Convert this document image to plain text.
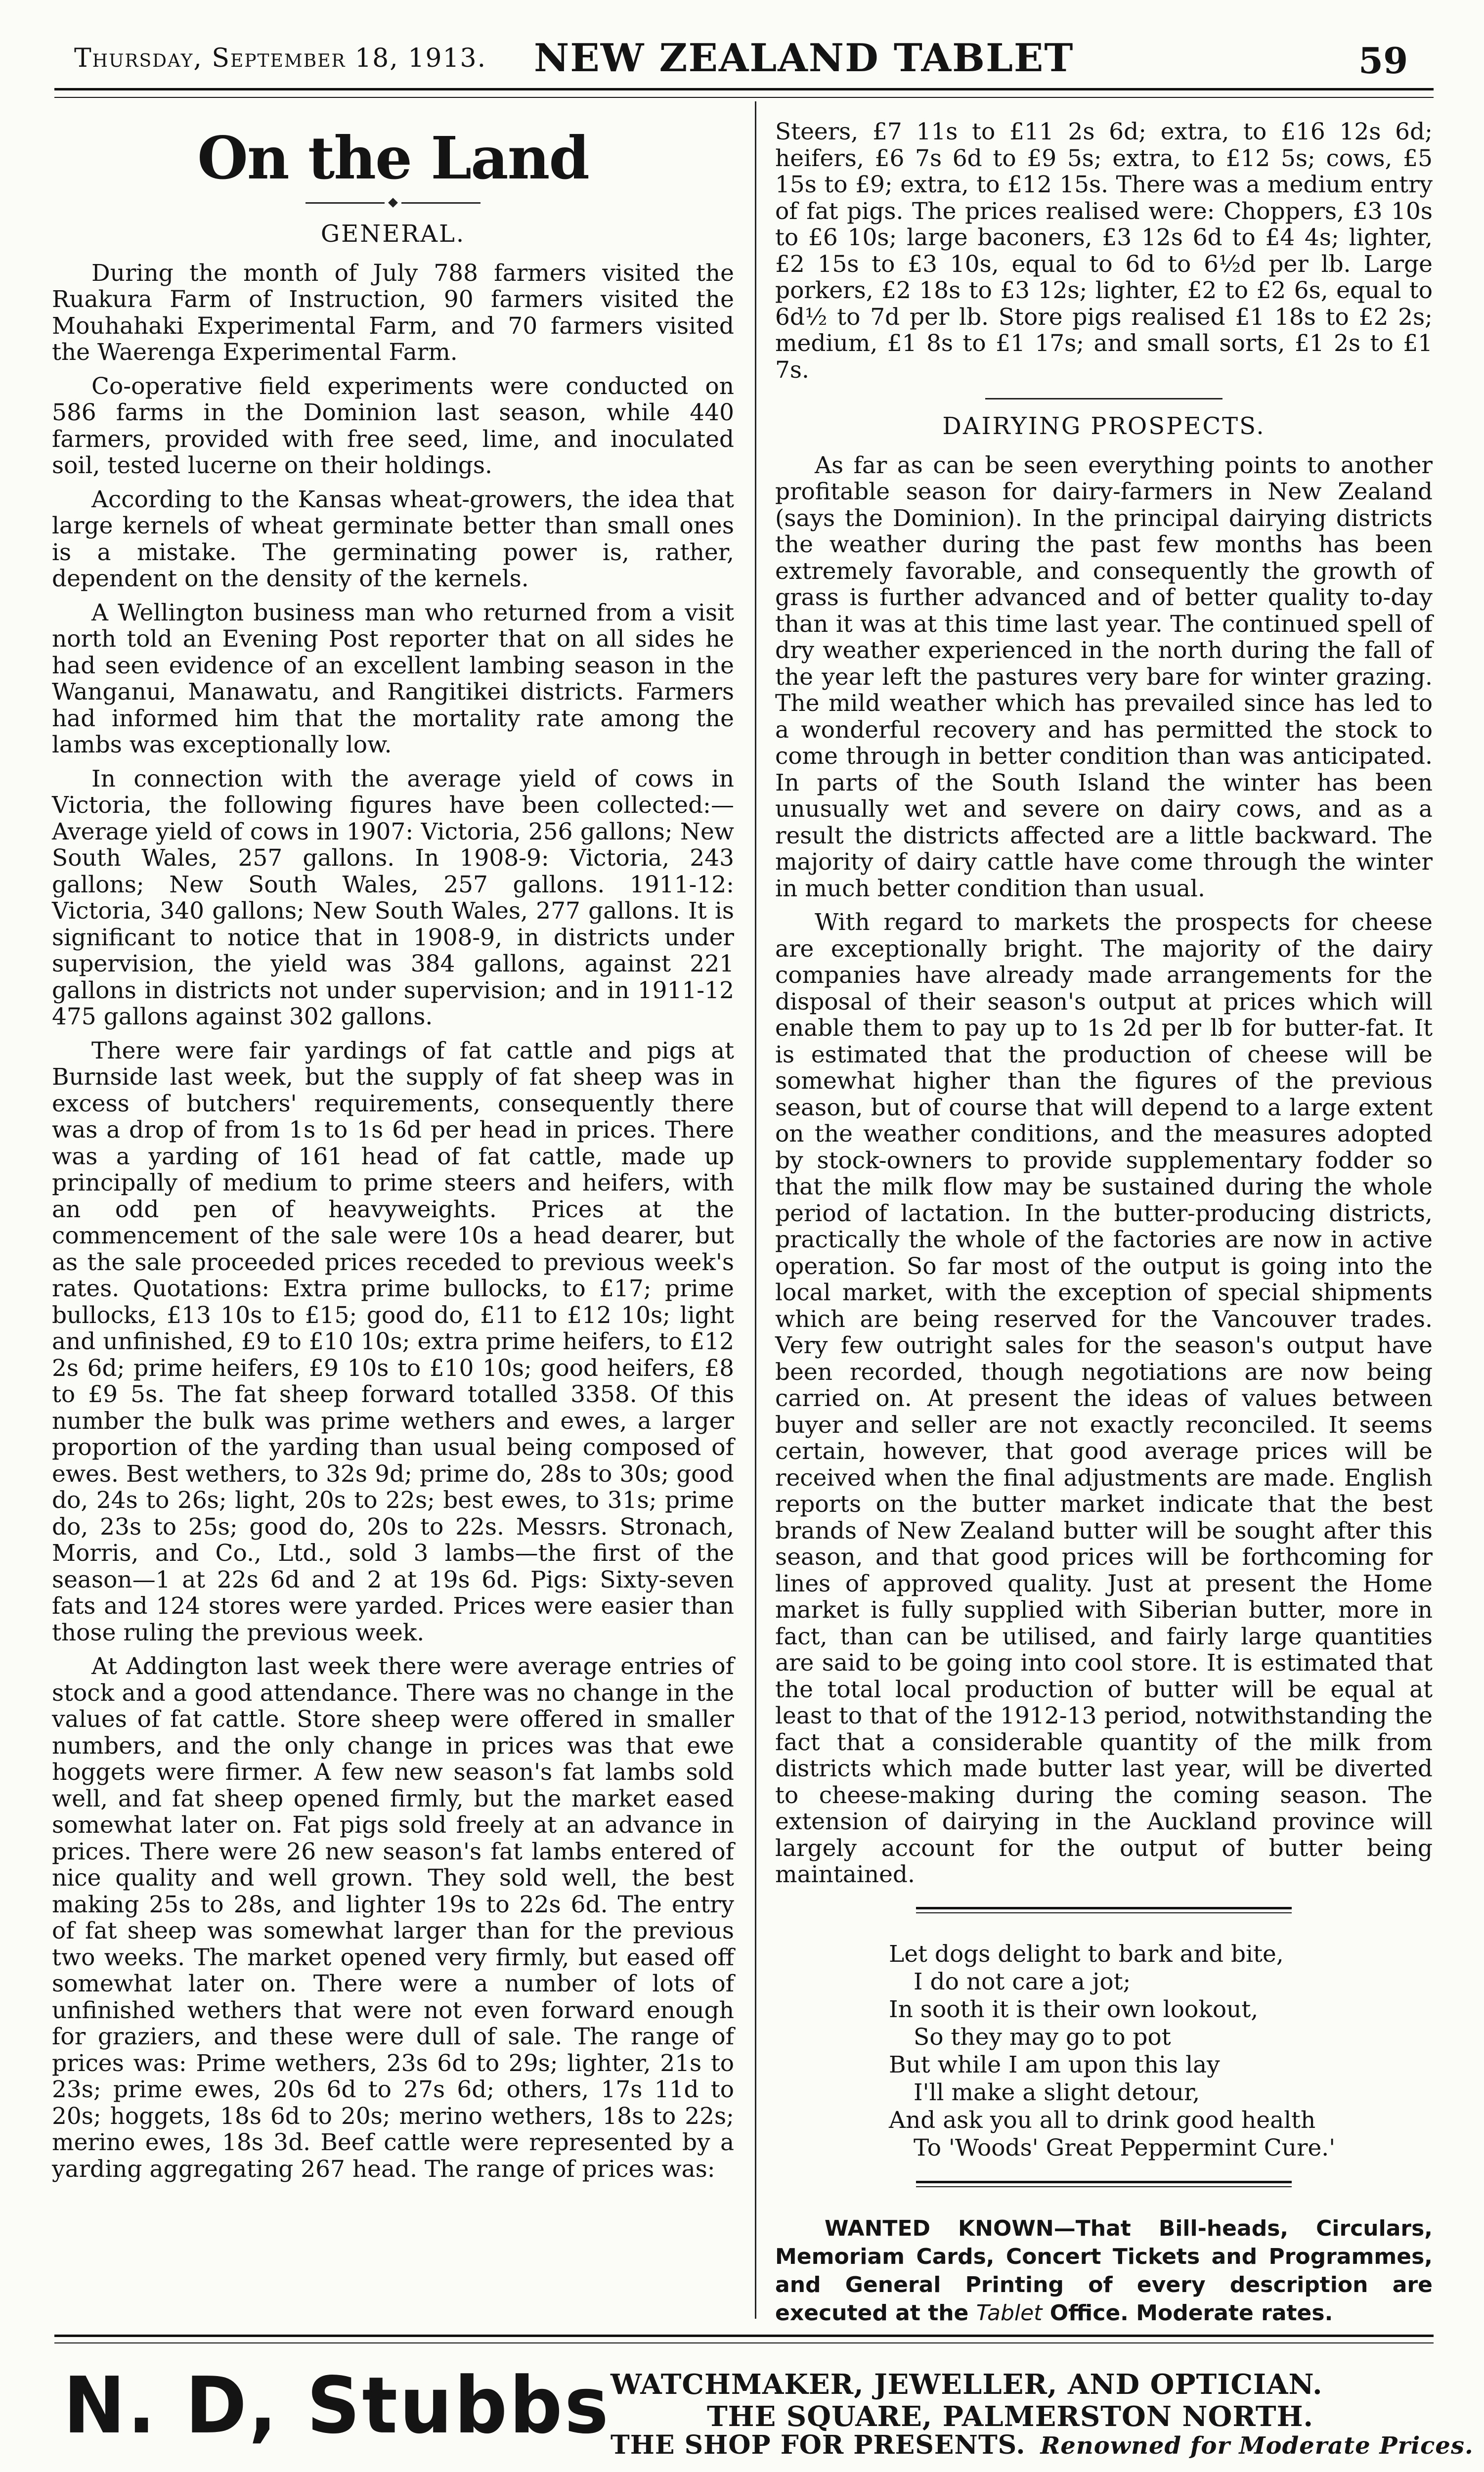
Thursday, September 18, 1913. NEW ZEALAND TABLET	59
On the Land
GENERAL.

During the month of July 788 farmers visited the Ruakura Farm of Instruction, 90 farmers visited the Mouhahaki Experimental Farm, and 70 farmers visited the Waerenga Experimental Farm.

Co-operative field experiments were conducted on 586 farms in the Dominion last season, while 440 farmers, provided with free seed, lime, and inoculated soil, tested lucerne on their holdings.

According to the Kansas wheat-growers, the idea that large kernels of wheat germinate better than small ones is a mistake. The germinating power is, rather, dependent on the density of the kernels.

A Wellington business man who returned from a visit north told an Evening Post reporter that on all sides he had seen evidence of an excellent lambing season in the Wanganui, Manawatu, and Rangitikei districts. Farmers had informed him that the mortality rate among the lambs was exceptionally low.

In connection with the average yield of cows in Victoria, the following figures have been collected:— Average yield of cows in 1907: Victoria, 256 gallons; New South Wales, 257 gallons. In 1908-9: Victoria, 243 gallons; New South Wales, 257 gallons. 1911-12: Victoria, 340 gallons; New South Wales, 277 gallons. It is significant to notice that in 1908-9, in districts under supervision, the yield was 384 gallons, against 221 gallons in districts not under supervision; and in 1911-12 475 gallons against 302 gallons.

There were fair yardings of fat cattle and pigs at Burnside last week, but the supply of fat sheep was in excess of butchers' requirements, consequently there was a drop of from 1s to 1s 6d per head in prices. There was a yarding of 161 head of fat cattle, made up principally of medium to prime steers and heifers, with an odd pen of heavyweights. Prices at the commencement of the sale were 10s a head dearer, but as the sale proceeded prices receded to previous week's rates. Quotations: Extra prime bullocks, to £17; prime bullocks, £13 10s to £15; good do, £11 to £12 10s; light and unfinished, £9 to £10 10s; extra prime heifers, to £12 2s 6d; prime heifers, £9 10s to £10 10s; good heifers, £8 to £9 5s. The fat sheep forward totalled 3358. Of this number the bulk was prime wethers and ewes, a larger proportion of the yarding than usual being composed of ewes. Best wethers, to 32s 9d; prime do, 28s to 30s; good do, 24s to 26s; light, 20s to 22s; best ewes, to 31s; prime do, 23s to 25s; good do, 20s to 22s. Messrs. Stronach, Morris, and Co., Ltd., sold 3 lambs—the first of the season—1 at 22s 6d and 2 at 19s 6d. Pigs: Sixty-seven fats and 124 stores were yarded. Prices were easier than those ruling the previous week.

At Addington last week there were average entries of stock and a good attendance. There was no change in the values of fat cattle. Store sheep were offered in smaller numbers, and the only change in prices was that ewe hoggets were firmer. A few new season's fat lambs sold well, and fat sheep opened firmly, but the market eased somewhat later on. Fat pigs sold freely at an advance in prices. There were 26 new season's fat lambs entered of nice quality and well grown. They sold well, the best making 25s to 28s, and lighter 19s to 22s 6d. The entry of fat sheep was somewhat larger than for the previous two weeks. The market opened very firmly, but eased off somewhat later on. There were a number of lots of unfinished wethers that were not even forward enough for graziers, and these were dull of sale. The range of prices was: Prime wethers, 23s 6d to 29s; lighter, 21s to 23s; prime ewes, 20s 6d to 27s 6d; others, 17s 11d to 20s; hoggets, 18s 6d to 20s; merino wethers, 18s to 22s; merino ewes, 18s 3d. Beef cattle were represented by a yarding aggregating 267 head. The range of prices was:

Steers, £7 11s to £11 2s 6d; extra, to £16 12s 6d; heifers, £6 7s 6d to £9 5s; extra, to £12 5s; cows, £5 15s to £9; extra, to £12 15s. There was a medium entry of fat pigs. The prices realised were: Choppers, £3 10s to £6 10s; large baconers, £3 12s 6d to £4 4s; lighter, £2 15s to £3 10s, equal to 6d to 6½d per lb. Large porkers, £2 18s to £3 12s; lighter, £2 to £2 6s, equal to 6d½ to 7d per lb. Store pigs realised £1 18s to £2 2s; medium, £1 8s to £1 17s; and small sorts, £1 2s to £1 7s.

DAIRYING PROSPECTS.

As far as can be seen everything points to another profitable season for dairy-farmers in New Zealand (says the Dominion). In the principal dairying districts the weather during the past few months has been extremely favorable, and consequently the growth of grass is further advanced and of better quality to-day than it was at this time last year. The continued spell of dry weather experienced in the north during the fall of the year left the pastures very bare for winter grazing. The mild weather which has prevailed since has led to a wonderful recovery and has permitted the stock to come through in better condition than was anticipated. In parts of the South Island the winter has been unusually wet and severe on dairy cows, and as a result the districts affected are a little backward. The majority of dairy cattle have come through the winter in much better condition than usual.

With regard to markets the prospects for cheese are exceptionally bright. The majority of the dairy companies have already made arrangements for the disposal of their season's output at prices which will enable them to pay up to 1s 2d per lb for butter-fat. It is estimated that the production of cheese will be somewhat higher than the figures of the previous season, but of course that will depend to a large extent on the weather conditions, and the measures adopted by stock-owners to provide supplementary fodder so that the milk flow may be sustained during the whole period of lactation. In the butter-producing districts, practically the whole of the factories are now in active operation. So far most of the output is going into the local market, with the exception of special shipments which are being reserved for the Vancouver trades. Very few outright sales for the season's output have been recorded, though negotiations are now being carried on. At present the ideas of values between buyer and seller are not exactly reconciled. It seems certain, however, that good average prices will be received when the final adjustments are made. English reports on the butter market indicate that the best brands of New Zealand butter will be sought after this season, and that good prices will be forthcoming for lines of approved quality. Just at present the Home market is fully supplied with Siberian butter, more in fact, than can be utilised, and fairly large quantities are said to be going into cool store. It is estimated that the total local production of butter will be equal at least to that of the 1912-13 period, notwithstanding the fact that a considerable quantity of the milk from districts which made butter last year, will be diverted to cheese-making during the coming season. The extension of dairying in the Auckland province will largely account for the output of butter being maintained.

Let dogs delight to bark and bite,
I do not care a jot;
In sooth it is their own lookout,
So they may go to pot
But while I am upon this lay
I'll make a slight detour,
And ask you all to drink good health
To 'Woods' Great Peppermint Cure.'
WANTED KNOWN—That Bill-heads, Circulars, Memoriam Cards, Concert Tickets and Programmes, and General Printing of every description are executed at the Tablet Office. Moderate rates.
N. D, Stubbs WATCHMAKER, JEWELLER, AND OPTICIAN.
THE SQUARE, PALMERSTON NORTH.
THE SHOP FOR PRESENTS. Renowned for Moderate Prices.
